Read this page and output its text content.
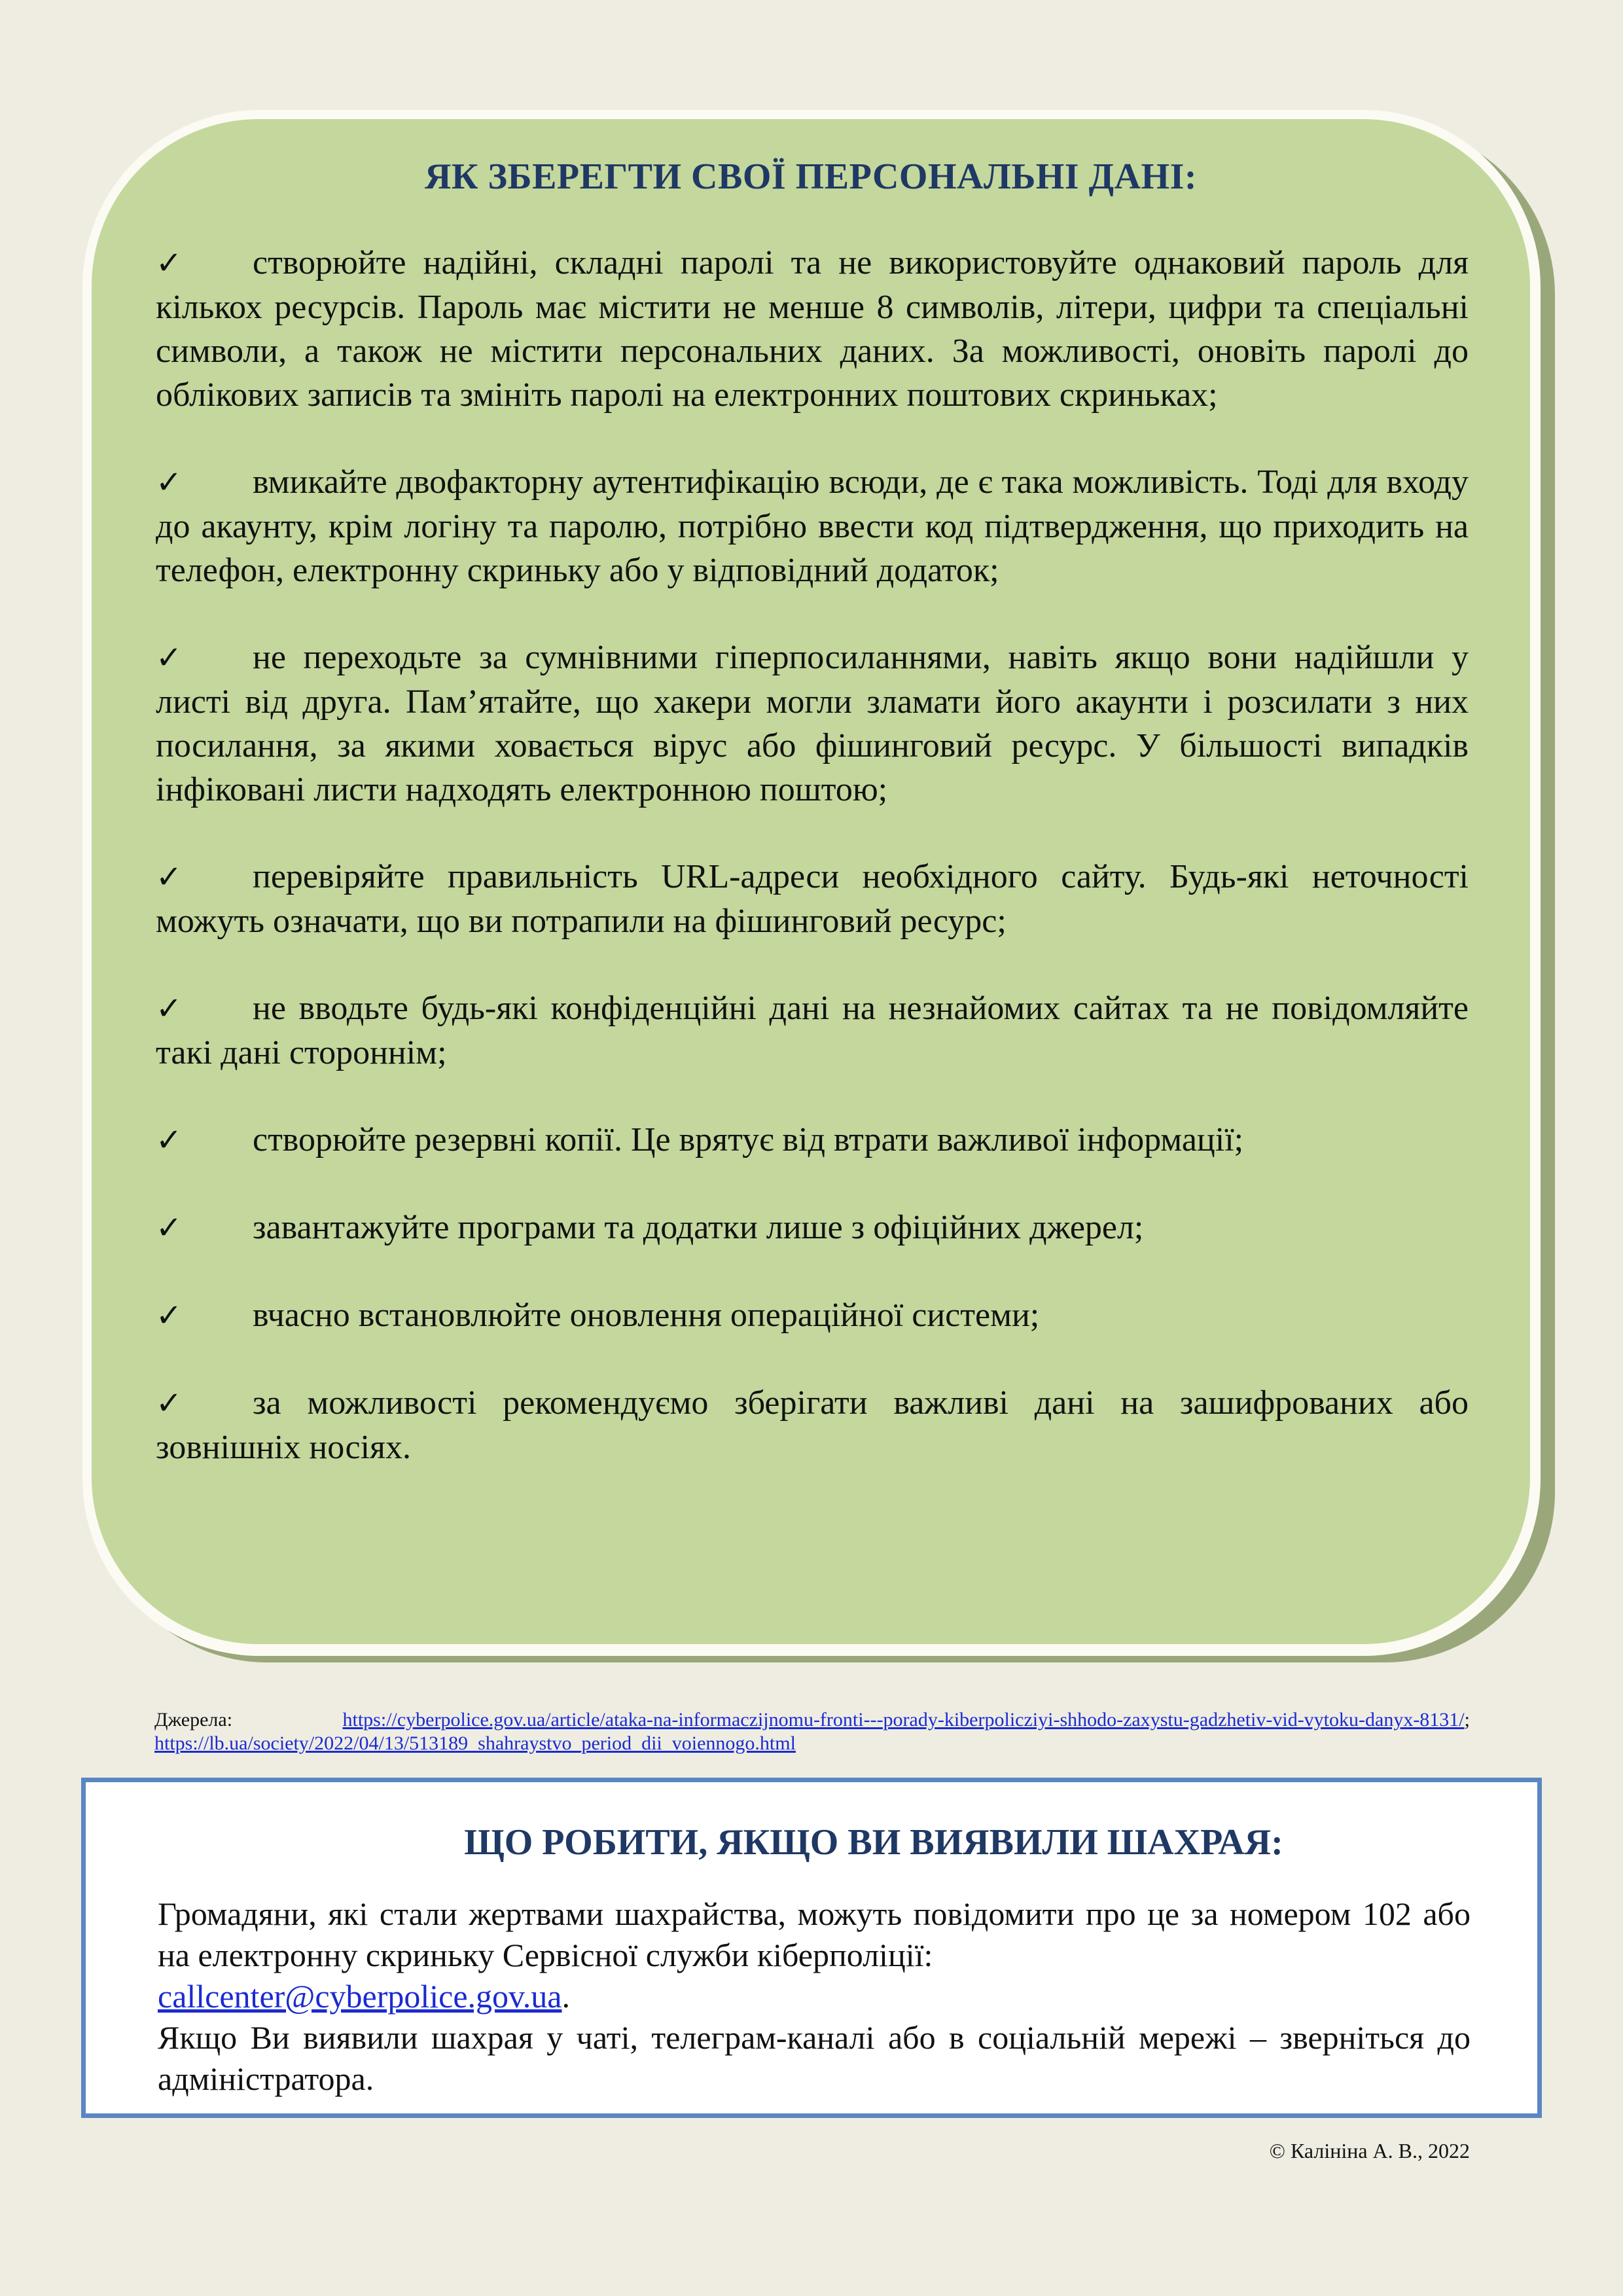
ЯК ЗБЕРЕГТИ СВОЇ ПЕРСОНАЛЬНІ ДАНІ:
✓ створюйте надійні, складні паролі та не використовуйте однаковий пароль для кількох ресурсів. Пароль має містити не менше 8 символів, літери, цифри та спеціальні символи, а також не містити персональних даних. За можливості, оновіть паролі до облікових записів та змініть паролі на електронних поштових скриньках;
✓ вмикайте двофакторну аутентифікацію всюди, де є така можливість. Тоді для входу до акаунту, крім логіну та паролю, потрібно ввести код підтвердження, що приходить на телефон, електронну скриньку або у відповідний додаток;
✓ не переходьте за сумнівними гіперпосиланнями, навіть якщо вони надійшли у листі від друга. Пам’ятайте, що хакери могли зламати його акаунти і розсилати з них посилання, за якими ховається вірус або фішинговий ресурс. У більшості випадків інфіковані листи надходять електронною поштою;
✓ перевіряйте правильність URL-адреси необхідного сайту. Будь-які неточності можуть означати, що ви потрапили на фішинговий ресурс;
✓ не вводьте будь-які конфіденційні дані на незнайомих сайтах та не повідомляйте такі дані стороннім;
✓ створюйте резервні копії. Це врятує від втрати важливої інформації;
✓ завантажуйте програми та додатки лише з офіційних джерел;
✓ вчасно встановлюйте оновлення операційної системи;
✓ за можливості рекомендуємо зберігати важливі дані на зашифрованих або зовнішніх носіях.
Джерела:	https://cyberpolice.gov.ua/article/ataka-na-informaczijnomu-fronti---porady-kiberpolicziyi-shhodo-zaxystu-gadzhetiv-vid-vytoku-danyx-8131/; https://lb.ua/society/2022/04/13/513189_shahraystvo_period_dii_voiennogo.html
ЩО РОБИТИ, ЯКЩО ВИ ВИЯВИЛИ ШАХРАЯ:

Громадяни, які стали жертвами шахрайства, можуть повідомити про це за номером 102 або на електронну скриньку Сервісної служби кіберполіції:
callcenter@cyberpolice.gov.ua.

Якщо Ви виявили шахрая у чаті, телеграм-каналі або в соціальній мережі – зверніться до адміністратора.

© Калініна А. В., 2022
